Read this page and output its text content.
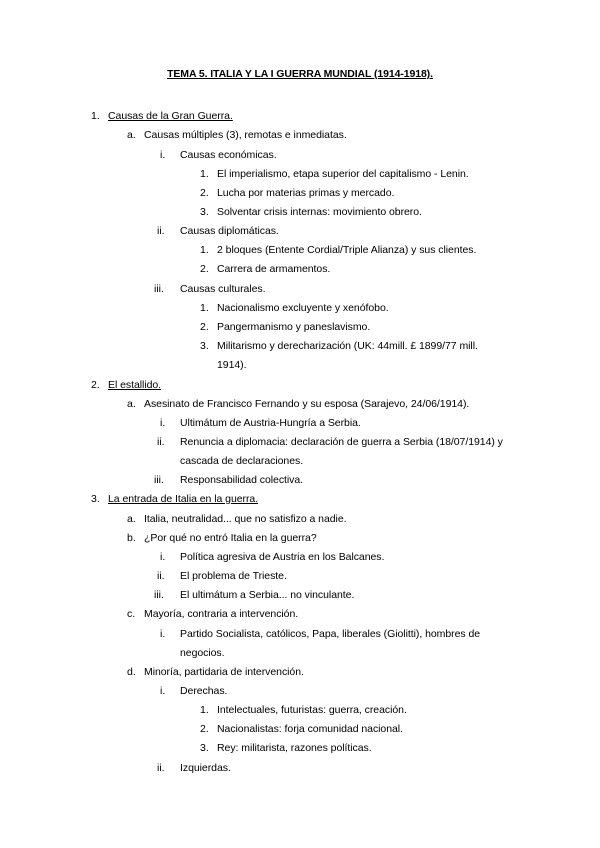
TEMA 5. ITALIA Y LA I GUERRA MUNDIAL (1914-1918).
1. Causas de la Gran Guerra.
a. Causas múltiples (3), remotas e inmediatas.
i. Causas económicas.
1. El imperialismo, etapa superior del capitalismo - Lenin.
2. Lucha por materias primas y mercado.
3. Solventar crisis internas: movimiento obrero.
ii. Causas diplomáticas.
1. 2 bloques (Entente Cordial/Triple Alianza) y sus clientes.
2. Carrera de armamentos.
iii. Causas culturales.
1. Nacionalismo excluyente y xenófobo.
2. Pangermanismo y paneslavismo.
3. Militarismo y derecharización (UK: 44mill. £ 1899/77 mill.
1914).
2. El estallido.
a. Asesinato de Francisco Fernando y su esposa (Sarajevo, 24/06/1914).
i. Ultimátum de Austria-Hungría a Serbia.
ii. Renuncia a diplomacia: declaración de guerra a Serbia (18/07/1914) y
cascada de declaraciones.
iii. Responsabilidad colectiva.
3. La entrada de Italia en la guerra.
a. Italia, neutralidad... que no satisfizo a nadie.
b. ¿Por qué no entró Italia en la guerra?
i. Política agresiva de Austria en los Balcanes.
ii. El problema de Trieste.
iii. El ultimátum a Serbia... no vinculante.
c. Mayoría, contraria a intervención.
i. Partido Socialista, católicos, Papa, liberales (Giolitti), hombres de
negocios.
d. Minoría, partidaria de intervención.
i. Derechas.
1. Intelectuales, futuristas: guerra, creación.
2. Nacionalistas: forja comunidad nacional.
3. Rey: militarista, razones políticas.
ii. Izquierdas.
